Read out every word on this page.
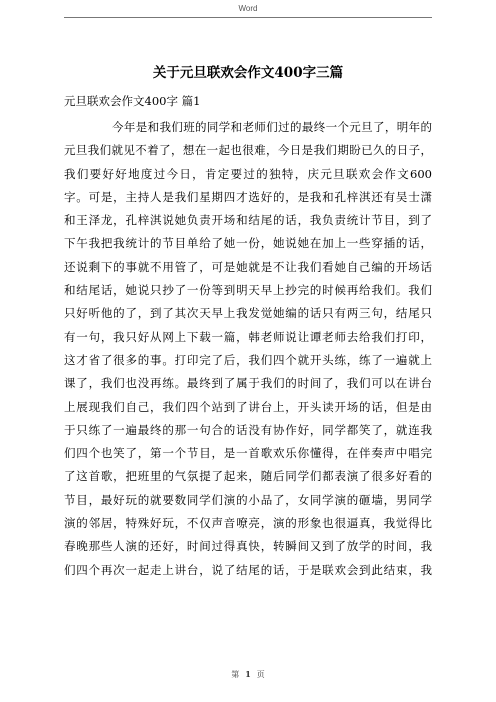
Word
关于元旦联欢会作文400字三篇
元旦联欢会作文400字 篇1
今年是和我们班的同学和老师们过的最终一个元旦了，明年的
元旦我们就见不着了，想在一起也很难，今日是我们期盼已久的日子，
我们要好好地度过今日，肯定要过的独特，庆元旦联欢会作文600
字。可是，主持人是我们星期四才选好的，是我和孔梓淇还有吴士潇
和王泽龙，孔梓淇说她负责开场和结尾的话，我负责统计节目，到了
下午我把我统计的节目单给了她一份，她说她在加上一些穿插的话，
还说剩下的事就不用管了，可是她就是不让我们看她自己编的开场话
和结尾话，她说只抄了一份等到明天早上抄完的时候再给我们。我们
只好听他的了，到了其次天早上我发觉她编的话只有两三句，结尾只
有一句，我只好从网上下载一篇，韩老师说让谭老师去给我们打印，
这才省了很多的事。打印完了后，我们四个就开头练，练了一遍就上
课了，我们也没再练。最终到了属于我们的时间了，我们可以在讲台
上展现我们自己，我们四个站到了讲台上，开头读开场的话，但是由
于只练了一遍最终的那一句合的话没有协作好，同学都笑了，就连我
们四个也笑了，第一个节目，是一首歌欢乐你懂得，在伴奏声中唱完
了这首歌，把班里的气氛提了起来，随后同学们都表演了很多好看的
节目，最好玩的就要数同学们演的小品了，女同学演的砸墙，男同学
演的邻居，特殊好玩，不仅声音嘹亮，演的形象也很逼真，我觉得比
春晚那些人演的还好，时间过得真快，转瞬间又到了放学的时间，我
们四个再次一起走上讲台，说了结尾的话，于是联欢会到此结束，我
第 1 页
